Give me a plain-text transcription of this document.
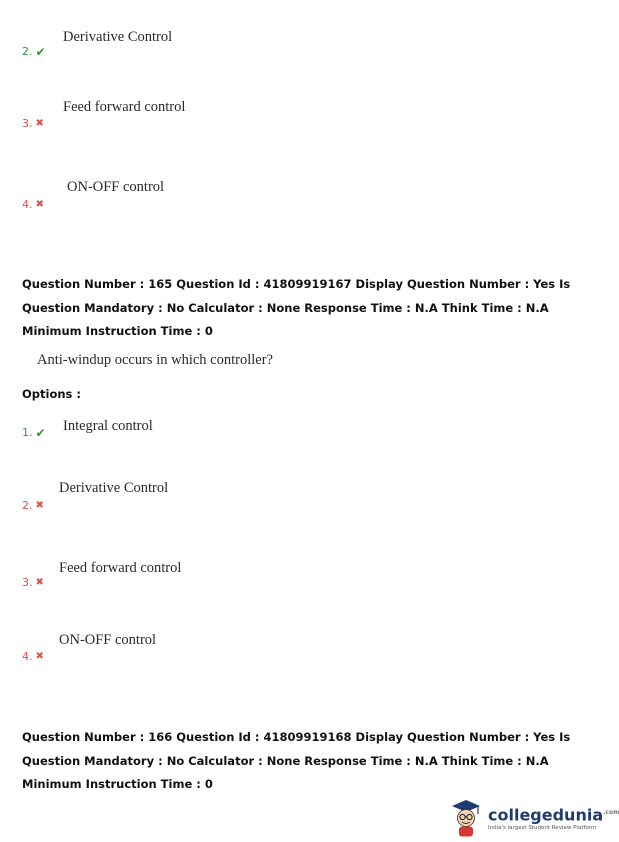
Derivative Control
2. ✔
Feed forward control
3. ✖
ON-OFF control
4. ✖
Question Number : 165 Question Id : 41809919167 Display Question Number : Yes Is Question Mandatory : No Calculator : None Response Time : N.A Think Time : N.A Minimum Instruction Time : 0
Anti-windup occurs in which controller?
Options :
Integral control
1. ✔
Derivative Control
2. ✖
Feed forward control
3. ✖
ON-OFF control
4. ✖
Question Number : 166 Question Id : 41809919168 Display Question Number : Yes Is Question Mandatory : No Calculator : None Response Time : N.A Think Time : N.A Minimum Instruction Time : 0
collegedunia$^{.com}$
India's largest Student Review Platform
